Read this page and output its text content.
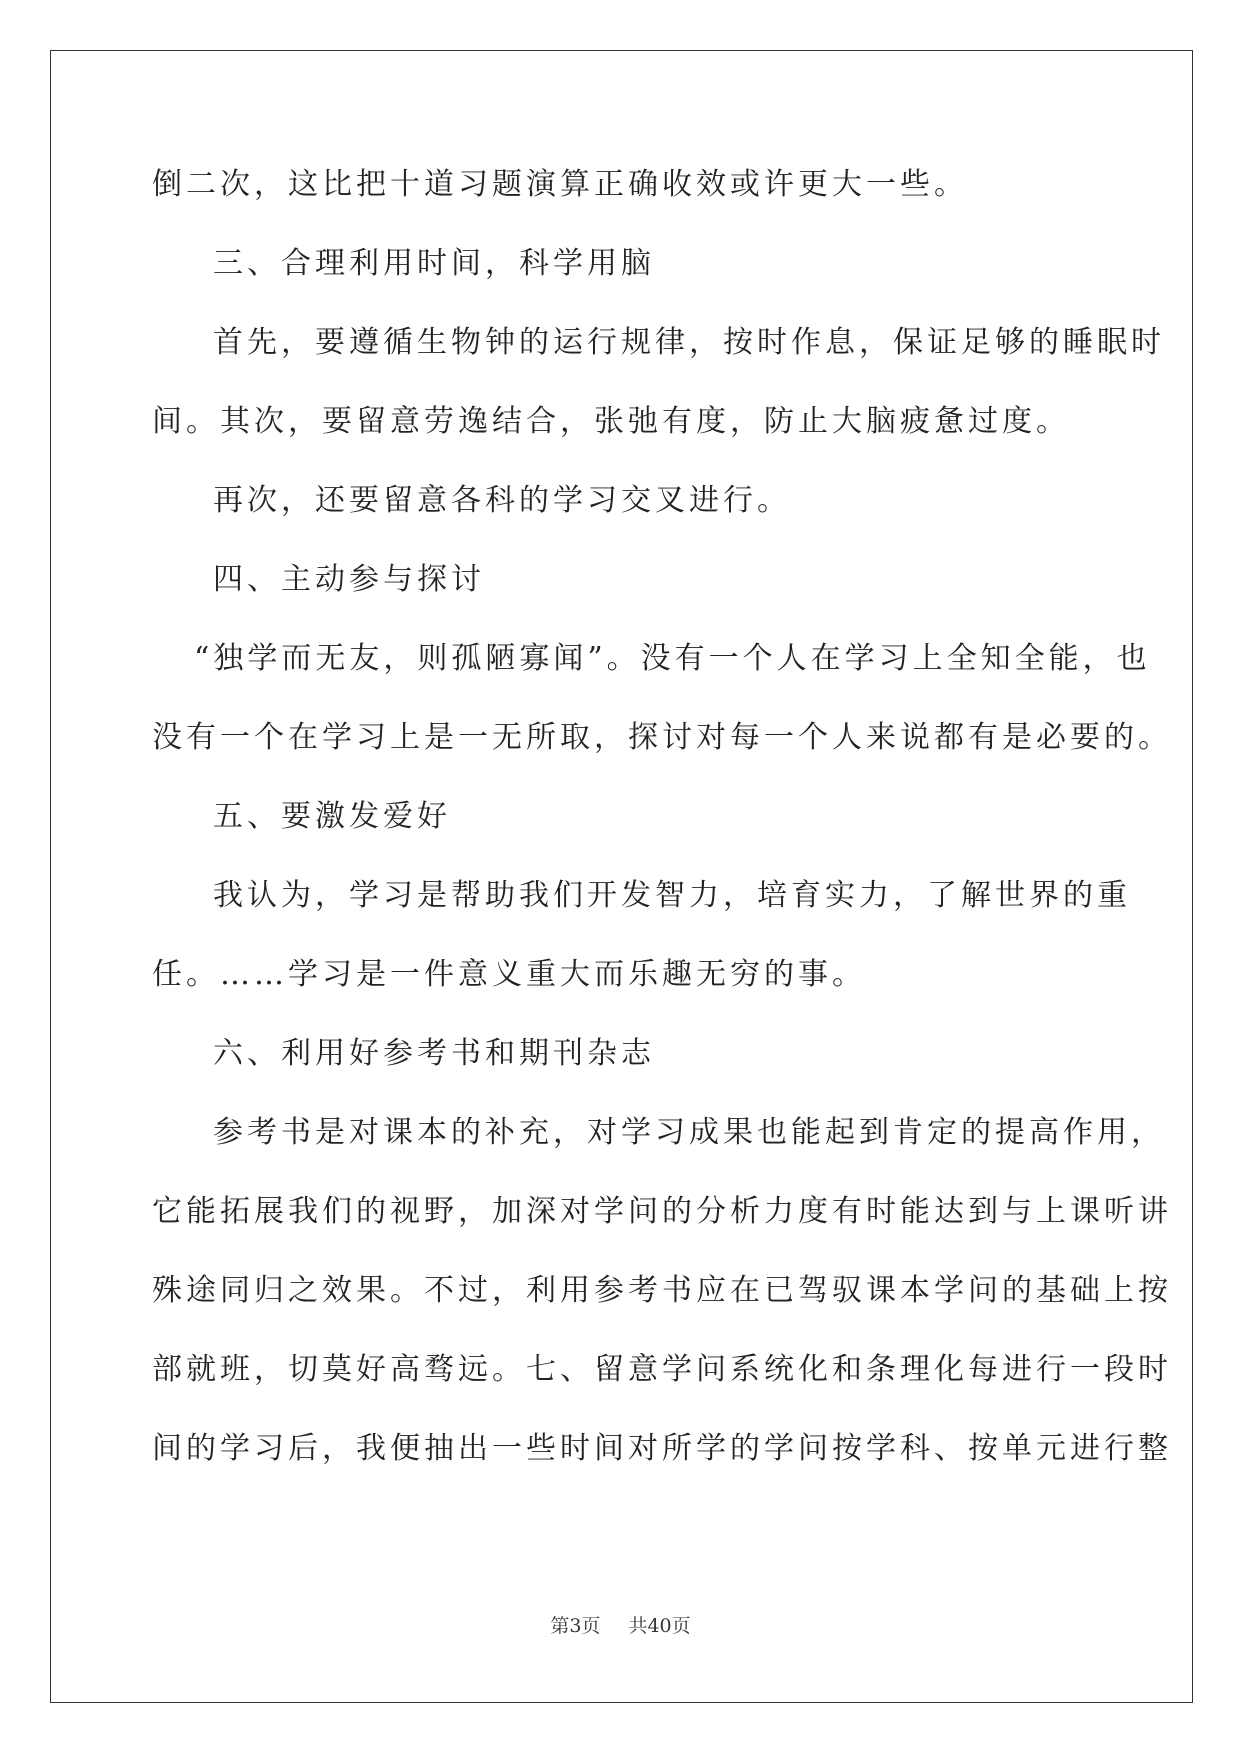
倒二次，这比把十道习题演算正确收效或许更大一些。
三、合理利用时间，科学用脑
首先，要遵循生物钟的运行规律，按时作息，保证足够的睡眠时
间。其次，要留意劳逸结合，张弛有度，防止大脑疲惫过度。
再次，还要留意各科的学习交叉进行。
四、主动参与探讨
“独学而无友，则孤陋寡闻”。没有一个人在学习上全知全能，也
没有一个在学习上是一无所取，探讨对每一个人来说都有是必要的。
五、要激发爱好
我认为，学习是帮助我们开发智力，培育实力，了解世界的重
任。……学习是一件意义重大而乐趣无穷的事。
六、利用好参考书和期刊杂志
参考书是对课本的补充，对学习成果也能起到肯定的提高作用，
它能拓展我们的视野，加深对学问的分析力度有时能达到与上课听讲
殊途同归之效果。不过，利用参考书应在已驾驭课本学问的基础上按
部就班，切莫好高骛远。七、留意学问系统化和条理化每进行一段时
间的学习后，我便抽出一些时间对所学的学问按学科、按单元进行整
第3页 共40页
